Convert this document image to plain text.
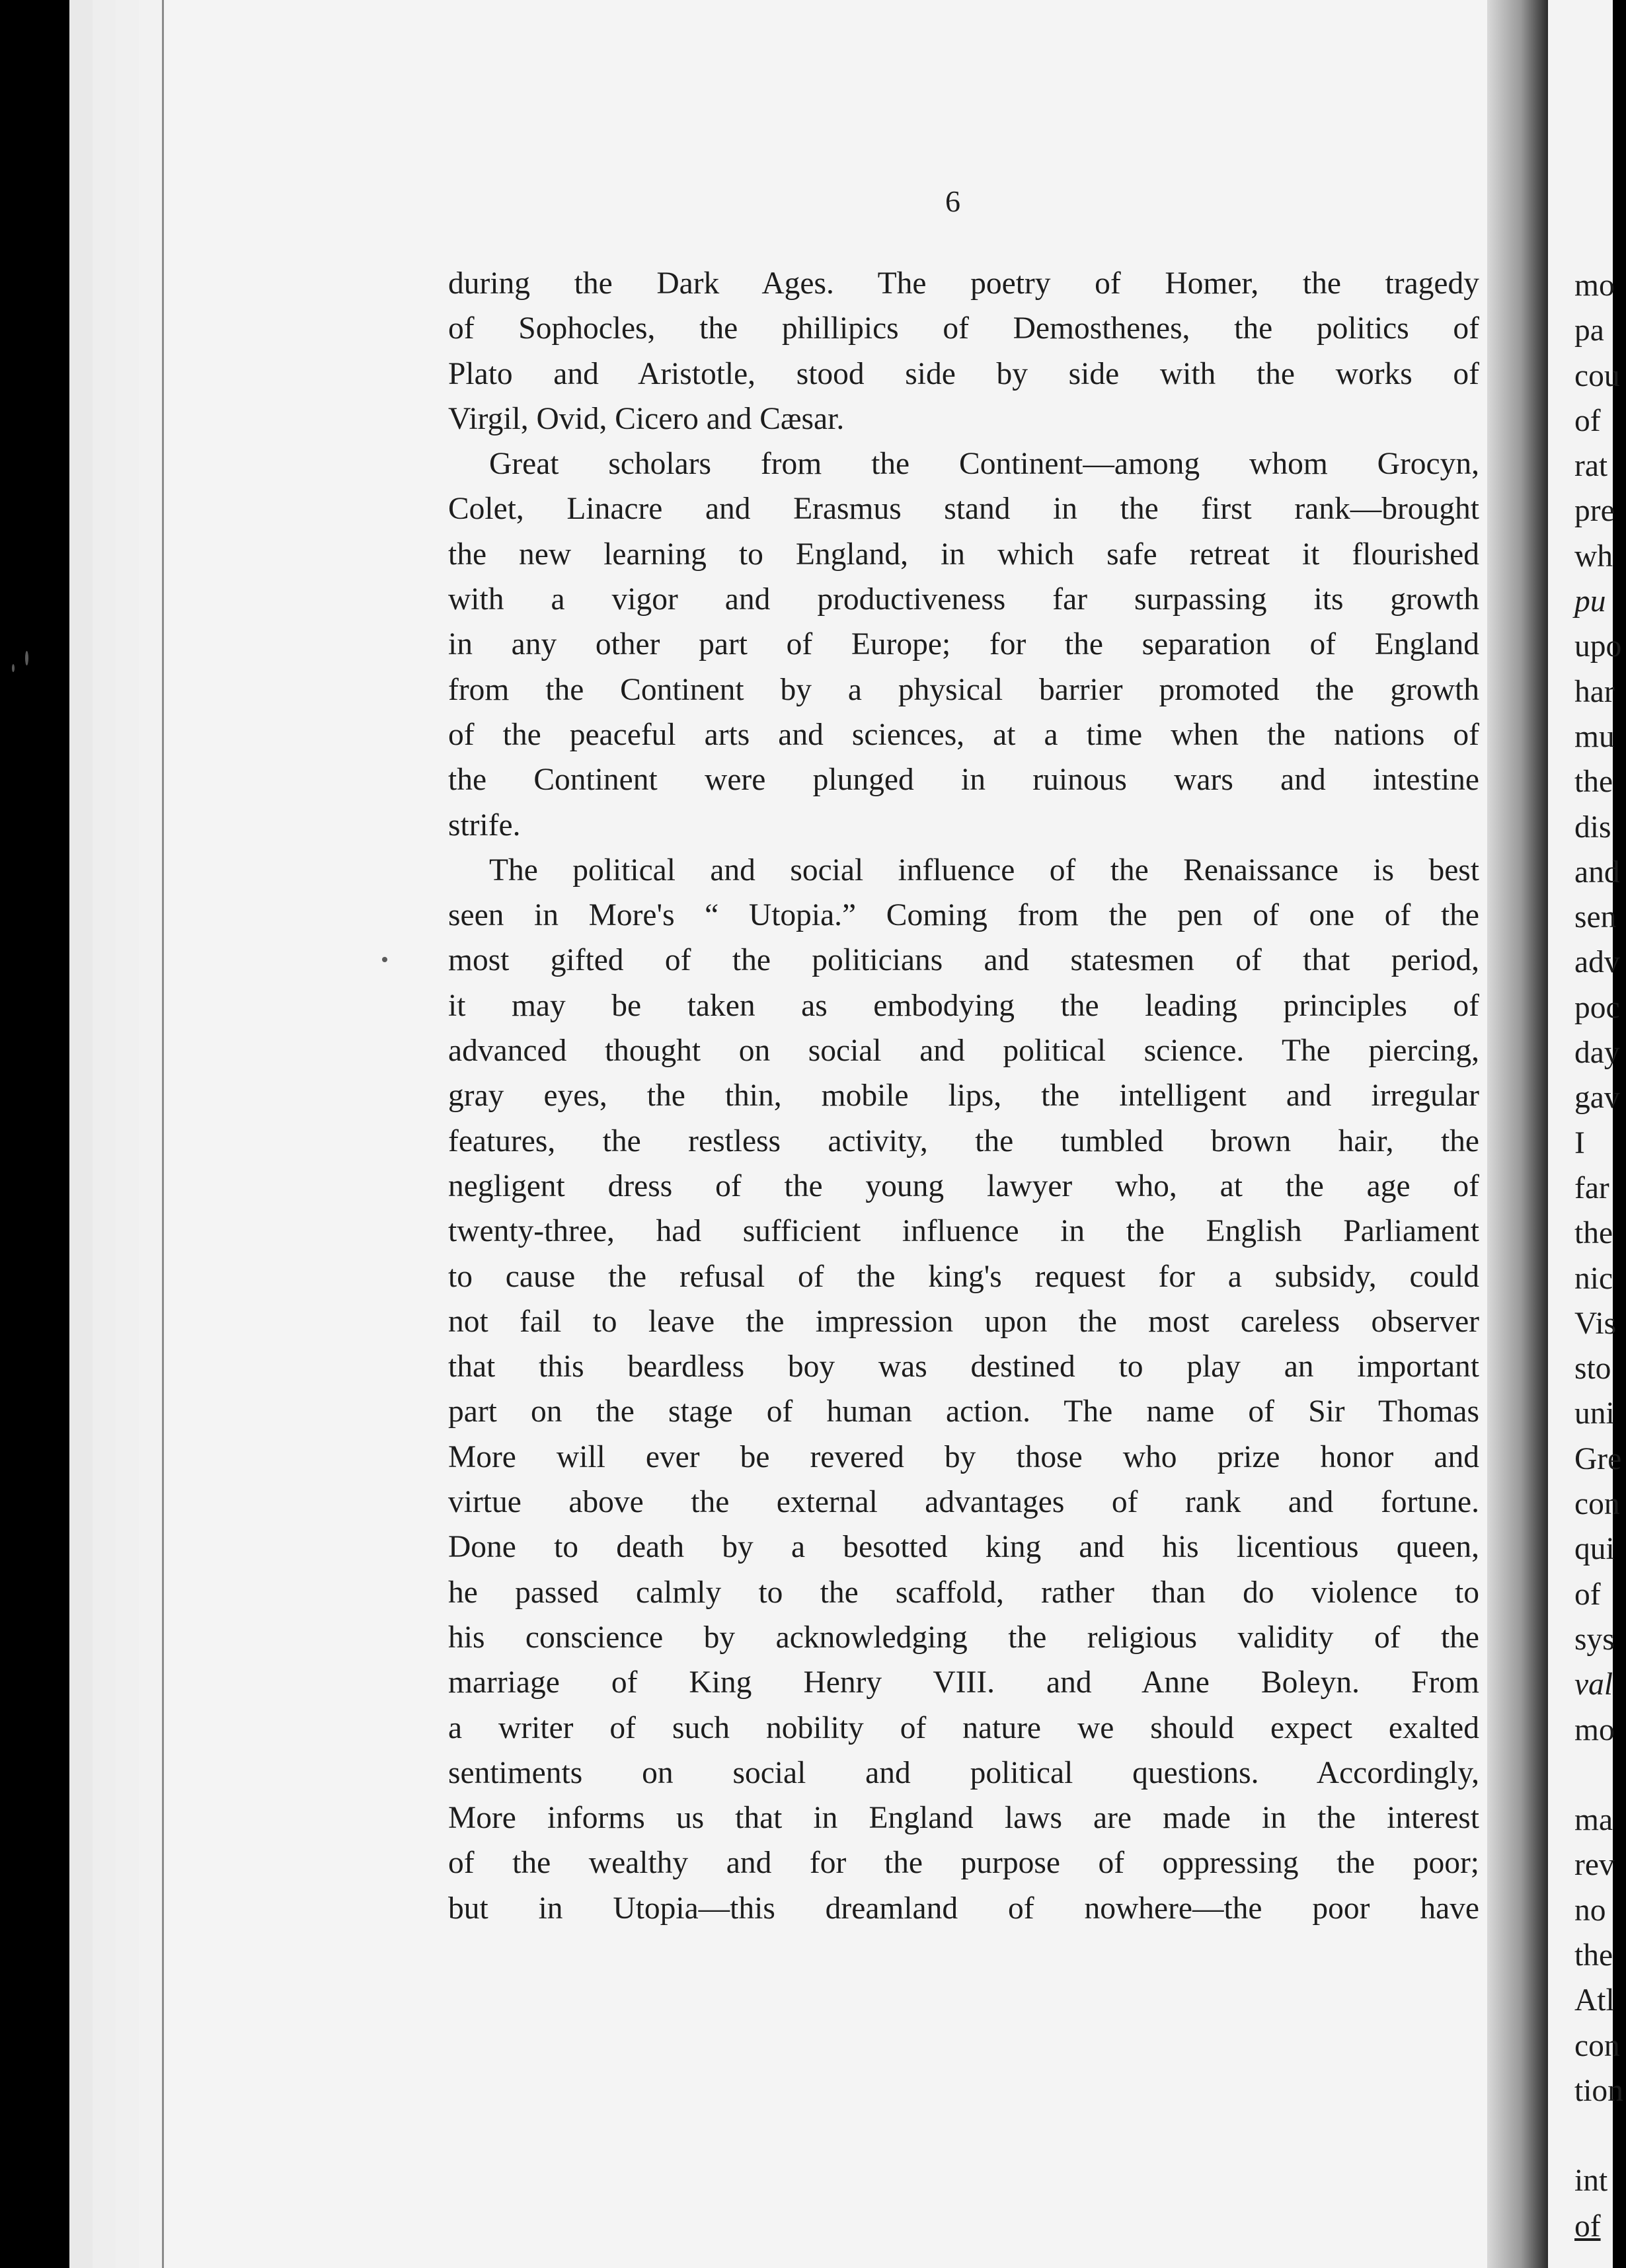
6
during the Dark Ages. The poetry of Homer, the tragedy
of Sophocles, the phillipics of Demosthenes, the politics of
Plato and Aristotle, stood side by side with the works of
Virgil, Ovid, Cicero and Cæsar.
Great scholars from the Continent—among whom Grocyn,
Colet, Linacre and Erasmus stand in the first rank—brought
the new learning to England, in which safe retreat it flourished
with a vigor and productiveness far surpassing its growth
in any other part of Europe; for the separation of England
from the Continent by a physical barrier promoted the growth
of the peaceful arts and sciences, at a time when the nations of
the Continent were plunged in ruinous wars and intestine
strife.
The political and social influence of the Renaissance is best
seen in More's “ Utopia.” Coming from the pen of one of the
most gifted of the politicians and statesmen of that period,
it may be taken as embodying the leading principles of
advanced thought on social and political science. The piercing,
gray eyes, the thin, mobile lips, the intelligent and irregular
features, the restless activity, the tumbled brown hair, the
negligent dress of the young lawyer who, at the age of
twenty-three, had sufficient influence in the English Parliament
to cause the refusal of the king's request for a subsidy, could
not fail to leave the impression upon the most careless observer
that this beardless boy was destined to play an important
part on the stage of human action. The name of Sir Thomas
More will ever be revered by those who prize honor and
virtue above the external advantages of rank and fortune.
Done to death by a besotted king and his licentious queen,
he passed calmly to the scaffold, rather than do violence to
his conscience by acknowledging the religious validity of the
marriage of King Henry VIII. and Anne Boleyn. From
a writer of such nobility of nature we should expect exalted
sentiments on social and political questions. Accordingly,
More informs us that in England laws are made in the interest
of the wealthy and for the purpose of oppressing the poor;
but in Utopia—this dreamland of nowhere—the poor have
mo
pa
cou
of
rat
pre
wh
pu
upo
har
mu
the
dis
and
sen
adv
poc
day
gav
I
far
the
nic
Vis
sto
uni
Gre
con
qui
of
sys
val
mo
ma
rev
no
the
Atl
con
tion
int
of
